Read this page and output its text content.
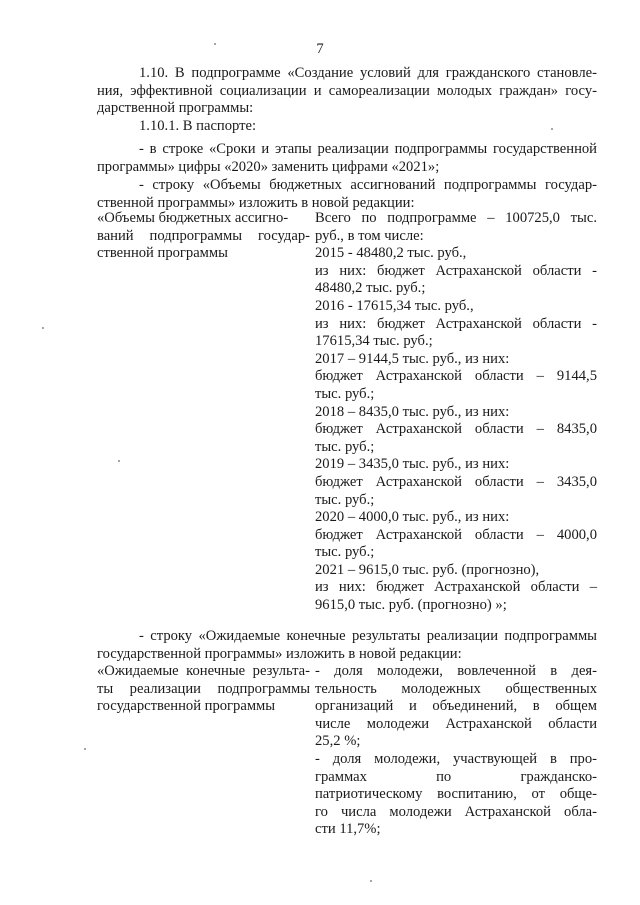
7
1.10. В подпрограмме «Создание условий для гражданского становле-
ния, эффективной социализации и самореализации молодых граждан» госу-
дарственной программы:
1.10.1. В паспорте:
- в строке «Сроки и этапы реализации подпрограммы государственной
программы» цифры «2020» заменить цифрами «2021»;
- строку «Объемы бюджетных ассигнований подпрограммы государ-
ственной программы» изложить в новой редакции:
«Объемы бюджетных ассигно-
ваний подпрограммы государ-
ственной программы
Всего по подпрограмме – 100725,0 тыс.
руб., в том числе:
2015 - 48480,2 тыс. руб.,
из них: бюджет Астраханской области -
48480,2 тыс. руб.;
2016 - 17615,34 тыс. руб.,
из них: бюджет Астраханской области -
17615,34 тыс. руб.;
2017 – 9144,5 тыс. руб., из них:
бюджет Астраханской области – 9144,5
тыс. руб.;
2018 – 8435,0 тыс. руб., из них:
бюджет Астраханской области – 8435,0
тыс. руб.;
2019 – 3435,0 тыс. руб., из них:
бюджет Астраханской области – 3435,0
тыс. руб.;
2020 – 4000,0 тыс. руб., из них:
бюджет Астраханской области – 4000,0
тыс. руб.;
2021 – 9615,0 тыс. руб. (прогнозно),
из них: бюджет Астраханской области –
9615,0 тыс. руб. (прогнозно) »;
- строку «Ожидаемые конечные результаты реализации подпрограммы
государственной программы» изложить в новой редакции:
«Ожидаемые конечные результа-
ты реализации подпрограммы
государственной программы
- доля молодежи, вовлеченной в дея-
тельность молодежных общественных
организаций и объединений, в общем
числе молодежи Астраханской области
25,2 %;
- доля молодежи, участвующей в про-
граммах по гражданско-
патриотическому воспитанию, от обще-
го числа молодежи Астраханской обла-
сти 11,7%;
